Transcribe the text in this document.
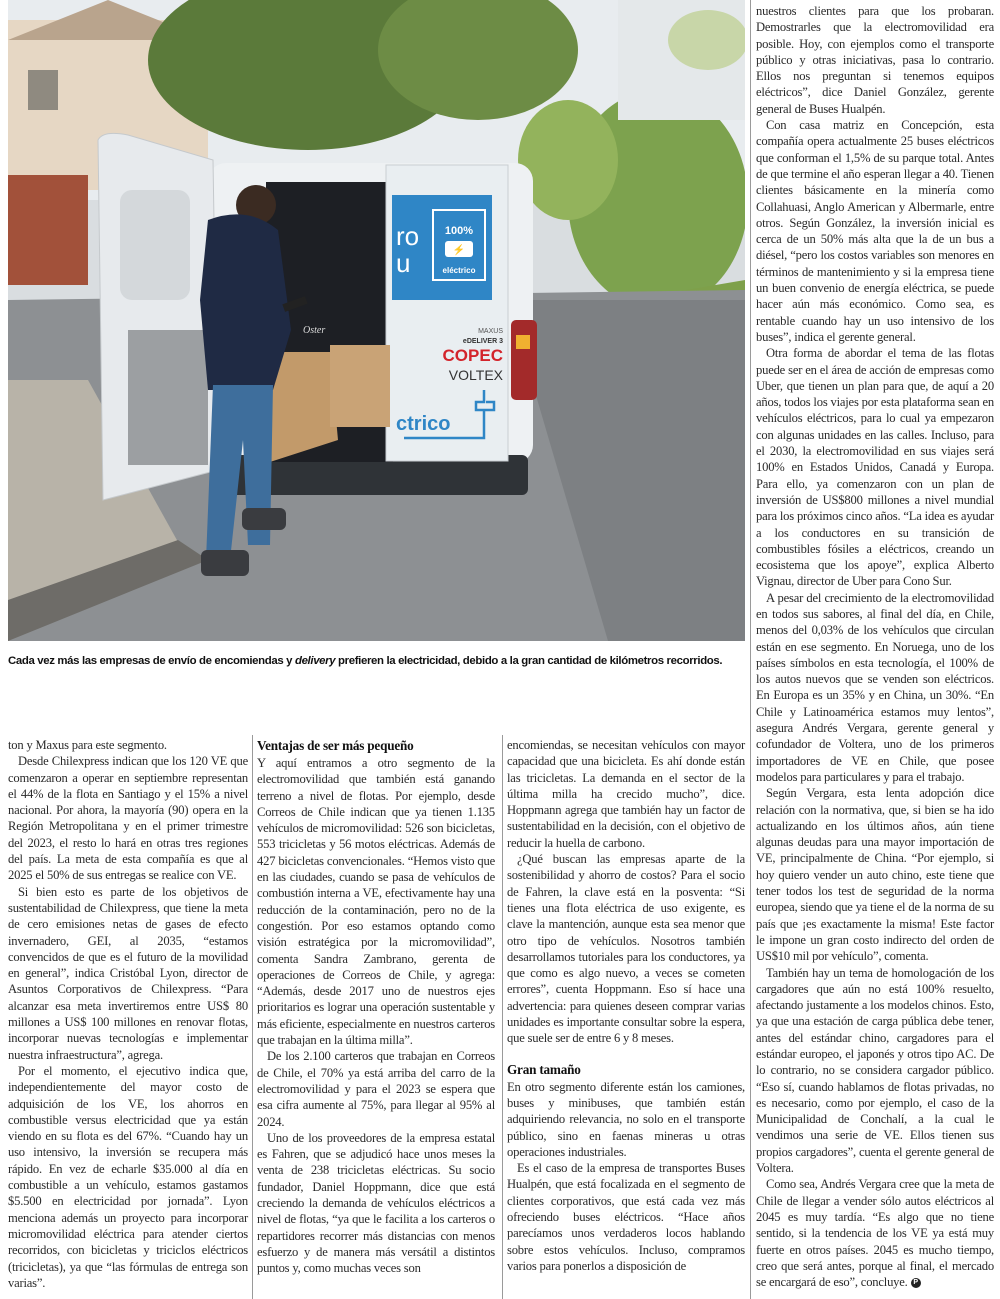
100%
⚡
eléctrico
ro
u
MAXUS
eDELIVER 3
COPEC
VOLTEX
ctrico
Oster
Cada vez más las empresas de envío de encomiendas y delivery prefieren la electricidad, debido a la gran cantidad de kilómetros recorridos.

ton y Maxus para este segmento.

Desde Chilexpress indican que los 120 VE que comenzaron a operar en septiembre representan el 44% de la flota en Santiago y el 15% a nivel nacional. Por ahora, la mayoría (90) opera en la Región Metropolitana y en el primer trimestre del 2023, el resto lo hará en otras tres regiones del país. La meta de esta compañía es que al 2025 el 50% de sus entregas se realice con VE.

Si bien esto es parte de los objetivos de sustentabilidad de Chilexpress, que tiene la meta de cero emisiones netas de gases de efecto invernadero, GEI, al 2035, “estamos convencidos de que es el futuro de la movilidad en general”, indica Cristóbal Lyon, director de Asuntos Corporativos de Chilexpress. “Para alcanzar esa meta invertiremos entre US$ 80 millones a US$ 100 millones en renovar flotas, incorporar nuevas tecnologías e implementar nuestra infraestructura”, agrega.

Por el momento, el ejecutivo indica que, independientemente del mayor costo de adquisición de los VE, los ahorros en combustible versus electricidad que ya están viendo en su flota es del 67%. “Cuando hay un uso intensivo, la inversión se recupera más rápido. En vez de echarle $35.000 al día en combustible a un vehículo, estamos gastamos $5.500 en electricidad por jornada”. Lyon menciona además un proyecto para incorporar micromovilidad eléctrica para atender ciertos recorridos, con bicicletas y triciclos eléctricos (tricicletas), ya que “las fórmulas de entrega son varias”.

Ventajas de ser más pequeño

Y aquí entramos a otro segmento de la electromovilidad que también está ganando terreno a nivel de flotas. Por ejemplo, desde Correos de Chile indican que ya tienen 1.135 vehículos de micromovilidad: 526 son bicicletas, 553 tricicletas y 56 motos eléctricas. Además de 427 bicicletas convencionales. “Hemos visto que en las ciudades, cuando se pasa de vehículos de combustión interna a VE, efectivamente hay una reducción de la contaminación, pero no de la congestión. Por eso estamos optando como visión estratégica por la micromovilidad”, comenta Sandra Zambrano, gerenta de operaciones de Correos de Chile, y agrega: “Además, desde 2017 uno de nuestros ejes prioritarios es lograr una operación sustentable y más eficiente, especialmente en nuestros carteros que trabajan en la última milla”.

De los 2.100 carteros que trabajan en Correos de Chile, el 70% ya está arriba del carro de la electromovilidad y para el 2023 se espera que esa cifra aumente al 75%, para llegar al 95% al 2024.

Uno de los proveedores de la empresa estatal es Fahren, que se adjudicó hace unos meses la venta de 238 tricicletas eléctricas. Su socio fundador, Daniel Hoppmann, dice que está creciendo la demanda de vehículos eléctricos a nivel de flotas, “ya que le facilita a los carteros o repartidores recorrer más distancias con menos esfuerzo y de manera más versátil a distintos puntos y, como muchas veces son

encomiendas, se necesitan vehículos con mayor capacidad que una bicicleta. Es ahí donde están las tricicletas. La demanda en el sector de la última milla ha crecido mucho”, dice. Hoppmann agrega que también hay un factor de sustentabilidad en la decisión, con el objetivo de reducir la huella de carbono.

¿Qué buscan las empresas aparte de la sostenibilidad y ahorro de costos? Para el socio de Fahren, la clave está en la posventa: “Si tienes una flota eléctrica de uso exigente, es clave la mantención, aunque esta sea menor que otro tipo de vehículos. Nosotros también desarrollamos tutoriales para los conductores, ya que como es algo nuevo, a veces se cometen errores”, cuenta Hoppmann. Eso sí hace una advertencia: para quienes deseen comprar varias unidades es importante consultar sobre la espera, que suele ser de entre 6 y 8 meses.

Gran tamaño

En otro segmento diferente están los camiones, buses y minibuses, que también están adquiriendo relevancia, no solo en el transporte público, sino en faenas mineras u otras operaciones industriales.

Es el caso de la empresa de transportes Buses Hualpén, que está focalizada en el segmento de clientes corporativos, que está cada vez más ofreciendo buses eléctricos. “Hace años parecíamos unos verdaderos locos hablando sobre estos vehículos. Incluso, compramos varios para ponerlos a disposición de

nuestros clientes para que los probaran. Demostrarles que la electromovilidad era posible. Hoy, con ejemplos como el transporte público y otras iniciativas, pasa lo contrario. Ellos nos preguntan si tenemos equipos eléctricos”, dice Daniel González, gerente general de Buses Hualpén.

Con casa matriz en Concepción, esta compañía opera actualmente 25 buses eléctricos que conforman el 1,5% de su parque total. Antes de que termine el año esperan llegar a 40. Tienen clientes básicamente en la minería como Collahuasi, Anglo American y Albermarle, entre otros. Según González, la inversión inicial es cerca de un 50% más alta que la de un bus a diésel, “pero los costos variables son menores en términos de mantenimiento y si la empresa tiene un buen convenio de energía eléctrica, se puede hacer aún más económico. Como sea, es rentable cuando hay un uso intensivo de los buses”, indica el gerente general.

Otra forma de abordar el tema de las flotas puede ser en el área de acción de empresas como Uber, que tienen un plan para que, de aquí a 20 años, todos los viajes por esta plataforma sean en vehículos eléctricos, para lo cual ya empezaron con algunas unidades en las calles. Incluso, para el 2030, la electromovilidad en sus viajes será 100% en Estados Unidos, Canadá y Europa. Para ello, ya comenzaron con un plan de inversión de US$800 millones a nivel mundial para los próximos cinco años. “La idea es ayudar a los conductores en su transición de combustibles fósiles a eléctricos, creando un ecosistema que los apoye”, explica Alberto Vignau, director de Uber para Cono Sur.

A pesar del crecimiento de la electromovilidad en todos sus sabores, al final del día, en Chile, menos del 0,03% de los vehículos que circulan están en ese segmento. En Noruega, uno de los países símbolos en esta tecnología, el 100% de los autos nuevos que se venden son eléctricos. En Europa es un 35% y en China, un 30%. “En Chile y Latinoamérica estamos muy lentos”, asegura Andrés Vergara, gerente general y cofundador de Voltera, uno de los primeros importadores de VE en Chile, que posee modelos para particulares y para el trabajo.

Según Vergara, esta lenta adopción dice relación con la normativa, que, si bien se ha ido actualizando en los últimos años, aún tiene algunas deudas para una mayor importación de VE, principalmente de China. “Por ejemplo, si hoy quiero vender un auto chino, este tiene que tener todos los test de seguridad de la norma europea, siendo que ya tiene el de la norma de su país que ¡es exactamente la misma! Este factor le impone un gran costo indirecto del orden de US$10 mil por vehículo”, comenta.

También hay un tema de homologación de los cargadores que aún no está 100% resuelto, afectando justamente a los modelos chinos. Esto, ya que una estación de carga pública debe tener, antes del estándar chino, cargadores para el estándar europeo, el japonés y otros tipo AC. De lo contrario, no se considera cargador público. “Eso sí, cuando hablamos de flotas privadas, no es necesario, como por ejemplo, el caso de la Municipalidad de Conchalí, a la cual le vendimos una serie de VE. Ellos tienen sus propios cargadores”, cuenta el gerente general de Voltera.

Como sea, Andrés Vergara cree que la meta de Chile de llegar a vender sólo autos eléctricos al 2045 es muy tardía. “Es algo que no tiene sentido, si la tendencia de los VE ya está muy fuerte en otros países. 2045 es mucho tiempo, creo que será antes, porque al final, el mercado se encargará de eso”, concluye. P
